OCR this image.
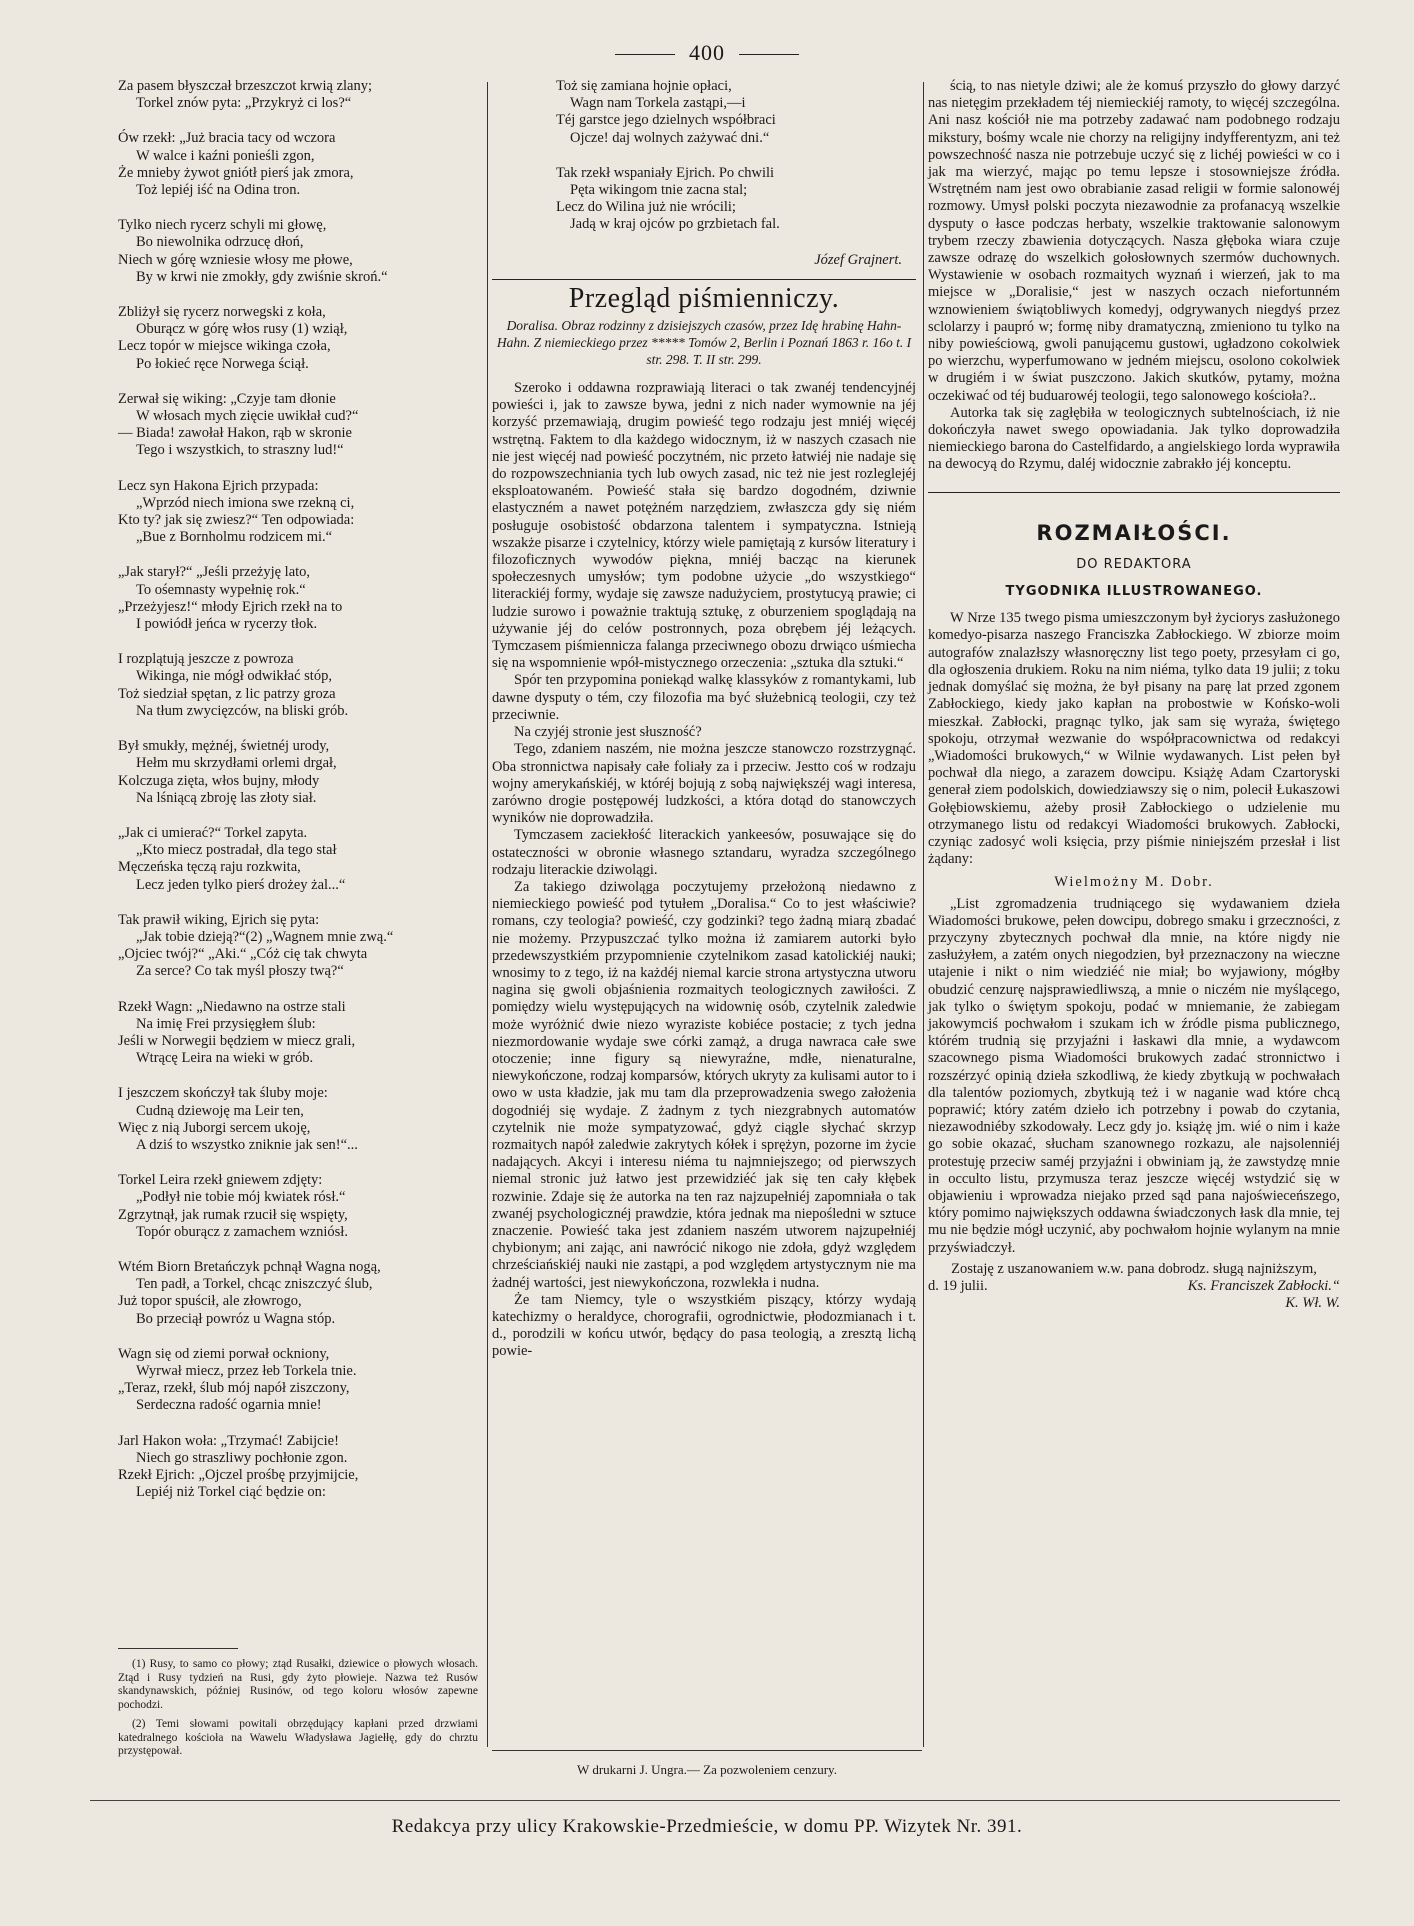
400
Za pasem błyszczał brzeszczot krwią zlany;
Torkel znów pyta: „Przykryż ci los?“
Ów rzekł: „Już bracia tacy od wczora
W walce i kaźni ponieśli zgon,
Że mnieby żywot gniótł pierś jak zmora,
Toż lepiéj iść na Odina tron.
Tylko niech rycerz schyli mi głowę,
Bo niewolnika odrzucę dłoń,
Niech w górę wzniesie włosy me płowe,
By w krwi nie zmokły, gdy zwiśnie skroń.“
Zbliżył się rycerz norwegski z koła,
Oburącz w górę włos rusy (1) wziął,
Lecz topór w miejsce wikinga czoła,
Po łokieć ręce Norwega ściął.
Zerwał się wiking: „Czyje tam dłonie
W włosach mych zięcie uwikłał cud?“
— Biada! zawołał Hakon, rąb w skronie
Tego i wszystkich, to straszny lud!“
Lecz syn Hakona Ejrich przypada:
„Wprzód niech imiona swe rzekną ci,
Kto ty? jak się zwiesz?“ Ten odpowiada:
„Bue z Bornholmu rodzicem mi.“
„Jak starył?“ „Jeśli przeżyję lato,
To ośemnasty wypełnię rok.“
„Przeżyjesz!“ młody Ejrich rzekł na to
I powiódł jeńca w rycerzy tłok.
I rozplątują jeszcze z powroza
Wikinga, nie mógł odwikłać stóp,
Toż siedział spętan, z lic patrzy groza
Na tłum zwycięzców, na bliski grób.
Był smukły, mężnéj, świetnéj urody,
Hełm mu skrzydłami orlemi drgał,
Kolczuga zięta, włos bujny, młody
Na lśniącą zbroję las złoty siał.
„Jak ci umierać?“ Torkel zapyta.
„Kto miecz postradał, dla tego stał
Męczeńska tęczą raju rozkwita,
Lecz jeden tylko pierś drożey żal...“
Tak prawił wiking, Ejrich się pyta:
„Jak tobie dzieją?“(2) „Wagnem mnie zwą.“
„Ojciec twój?“ „Aki.“ „Cóż cię tak chwyta
Za serce? Co tak myśl płoszy twą?“
Rzekł Wagn: „Niedawno na ostrze stali
Na imię Frei przysięgłem ślub:
Jeśli w Norwegii będziem w miecz grali,
Wtrącę Leira na wieki w grób.
I jeszczem skończył tak śluby moje:
Cudną dziewoję ma Leir ten,
Więc z nią Juborgi sercem ukoję,
A dziś to wszystko zniknie jak sen!“...
Torkel Leira rzekł gniewem zdjęty:
„Podłył nie tobie mój kwiatek rósł.“
Zgrzytnął, jak rumak rzucił się wspięty,
Topór oburącz z zamachem wzniósł.
Wtém Biorn Bretańczyk pchnął Wagna nogą,
Ten padł, a Torkel, chcąc zniszczyć ślub,
Już topor spuścił, ale złowrogo,
Bo przeciął powróz u Wagna stóp.
Wagn się od ziemi porwał ockniony,
Wyrwał miecz, przez łeb Torkela tnie.
„Teraz, rzekł, ślub mój napół ziszczony,
Serdeczna radość ogarnia mnie!
Jarl Hakon woła: „Trzymać! Zabijcie!
Niech go straszliwy pochłonie zgon.
Rzekł Ejrich: „Ojczel prośbę przyjmijcie,
Lepiéj niż Torkel ciąć będzie on:

(1) Rusy, to samo co płowy; ztąd Rusałki, dziewice o płowych włosach. Ztąd i Rusy tydzień na Rusi, gdy żyto płowieje. Nazwa też Rusów skandynawskich, później Rusinów, od tego koloru włosów zapewne pochodzi.

(2) Temi słowami powitali obrzędujący kapłani przed drzwiami katedralnego kościoła na Wawelu Władysława Jagiełłę, gdy do chrztu przystępował.

Toż się zamiana hojnie opłaci,
Wagn nam Torkela zastąpi,—i
Téj garstce jego dzielnych współbraci
Ojcze! daj wolnych zażywać dni.“
Tak rzekł wspaniały Ejrich. Po chwili
Pęta wikingom tnie zacna stal;
Lecz do Wilina już nie wrócili;
Jadą w kraj ojców po grzbietach fal.
Józef Grajnert.
Przegląd piśmienniczy.
Doralisa. Obraz rodzinny z dzisiejszych czasów, przez Idę hrabinę Hahn-Hahn. Z niemieckiego przez ***** Tomów 2, Berlin i Poznań 1863 r. 16o t. I str. 298. T. II str. 299.

Szeroko i oddawna rozprawiają literaci o tak zwanéj tendencyjnéj powieści i, jak to zawsze bywa, jedni z nich nader wymownie na jéj korzyść przemawiają, drugim powieść tego rodzaju jest mniéj więcéj wstrętną. Faktem to dla każdego widocznym, iż w naszych czasach nie nie jest więcéj nad powieść poczytném, nic przeto łatwiéj nie nadaje się do rozpowszechniania tych lub owych zasad, nic też nie jest rozleglejéj eksploatowaném. Powieść stała się bardzo dogodném, dziwnie elastyczném a nawet potężném narzędziem, zwłaszcza gdy się niém posługuje osobistość obdarzona talentem i sympatyczna. Istnieją wszakże pisarze i czytelnicy, którzy wiele pamiętają z kursów literatury i filozoficznych wywodów piękna, mniéj bacząc na kierunek społeczesnych umysłów; tym podobne użycie „do wszystkiego“ literackiéj formy, wydaje się zawsze nadużyciem, prostytucyą prawie; ci ludzie surowo i poważnie traktują sztukę, z oburzeniem spoglądają na używanie jéj do celów postronnych, poza obrębem jéj leżących. Tymczasem piśmiennicza falanga przeciwnego obozu drwiąco uśmiecha się na wspomnienie wpół-mistycznego orzeczenia: „sztuka dla sztuki.“

Spór ten przypomina poniekąd walkę klassyków z romantykami, lub dawne dysputy o tém, czy filozofia ma być służebnicą teologii, czy też przeciwnie.

Na czyjéj stronie jest słuszność?

Tego, zdaniem naszém, nie można jeszcze stanowczo rozstrzygnąć. Oba stronnictwa napisały całe foliały za i przeciw. Jestto coś w rodzaju wojny amerykańskiéj, w któréj bojują z sobą największéj wagi interesa, zarówno drogie postępowéj ludzkości, a która dotąd do stanowczych wyników nie doprowadziła.

Tymczasem zaciekłość literackich yankeesów, posuwające się do ostateczności w obronie własnego sztandaru, wyradza szczególnego rodzaju literackie dziwolągi.

Za takiego dziwoląga poczytujemy przełożoną niedawno z niemieckiego powieść pod tytułem „Doralisa.“ Co to jest właściwie? romans, czy teologia? powieść, czy godzinki? tego żadną miarą zbadać nie możemy. Przypuszczać tylko można iż zamiarem autorki było przedewszystkiém przypomnienie czytelnikom zasad katolickiéj nauki; wnosimy to z tego, iż na każdéj niemal karcie strona artystyczna utworu nagina się gwoli objaśnienia rozmaitych teologicznych zawiłości. Z pomiędzy wielu występujących na widownię osób, czytelnik zaledwie może wyróżnić dwie niezo wyraziste kobiéce postacie; z tych jedna niezmordowanie wydaje swe córki zamąż, a druga nawraca całe swe otoczenie; inne figury są niewyraźne, mdłe, nienaturalne, niewykończone, rodzaj komparsów, których ukryty za kulisami autor to i owo w usta kładzie, jak mu tam dla przeprowadzenia swego założenia dogodniéj się wydaje. Z żadnym z tych niezgrabnych automatów czytelnik nie może sympatyzować, gdyż ciągle słychać skrzyp rozmaitych napół zaledwie zakrytych kółek i sprężyn, pozorne im życie nadających. Akcyi i interesu niéma tu najmniejszego; od pierwszych niemal stronic już łatwo jest przewidziéć jak się ten cały kłębek rozwinie. Zdaje się że autorka na ten raz najzupełniéj zapomniała o tak zwanéj psychologicznéj prawdzie, która jednak ma niepośledni w sztuce znaczenie. Powieść taka jest zdaniem naszém utworem najzupełniéj chybionym; ani zając, ani nawrócić nikogo nie zdoła, gdyż względem chrześciańskiéj nauki nie zastąpi, a pod względem artystycznym nie ma żadnéj wartości, jest niewykończona, rozwlekła i nudna.

Że tam Niemcy, tyle o wszystkiém piszący, którzy wydają katechizmy o heraldyce, chorografii, ogrodnictwie, płodozmianach i t. d., porodzili w końcu utwór, będący do pasa teologią, a zresztą lichą powie-

ścią, to nas nietyle dziwi; ale że komuś przyszło do głowy darzyć nas nietęgim przekładem téj niemieckiéj ramoty, to więcéj szczególna. Ani nasz kościół nie ma potrzeby zadawać nam podobnego rodzaju mikstury, bośmy wcale nie chorzy na religijny indyfferentyzm, ani też powszechność nasza nie potrzebuje uczyć się z lichéj powieści w co i jak ma wierzyć, mając po temu lepsze i stosowniejsze źródła. Wstrętném nam jest owo obrabianie zasad religii w formie salonowéj rozmowy. Umysł polski poczyta niezawodnie za profanacyą wszelkie dysputy o łasce podczas herbaty, wszelkie traktowanie salonowym trybem rzeczy zbawienia dotyczących. Nasza głęboka wiara czuje zawsze odrazę do wszelkich gołosłownych szermów duchownych. Wystawienie w osobach rozmaitych wyznań i wierzeń, jak to ma miejsce w „Doralisie,“ jest w naszych oczach niefortunném wznowieniem świątobliwych komedyj, odgrywanych niegdyś przez sclolarzy i paupró w; formę niby dramatyczną, zmieniono tu tylko na niby powieściową, gwoli panującemu gustowi, ugładzono cokolwiek po wierzchu, wyperfumowano w jedném miejscu, osolono cokolwiek w drugiém i w świat puszczono. Jakich skutków, pytamy, można oczekiwać od téj buduarowéj teologii, tego salonowego kościoła?..

Autorka tak się zagłębiła w teologicznych subtelnościach, iż nie dokończyła nawet swego opowiadania. Jak tylko doprowadziła niemieckiego barona do Castelfidardo, a angielskiego lorda wyprawiła na dewocyą do Rzymu, daléj widocznie zabrakło jéj konceptu.

ROZMAIŁOŚCI.
DO REDAKTORA
TYGODNIKA ILLUSTROWANEGO.

W Nrze 135 twego pisma umieszczonym był życiorys zasłużonego komedyo-pisarza naszego Franciszka Zabłockiego. W zbiorze moim autografów znalazłszy własnoręczny list tego poety, przesyłam ci go, dla ogłoszenia drukiem. Roku na nim niéma, tylko data 19 julii; z toku jednak domyślać się można, że był pisany na parę lat przed zgonem Zabłockiego, kiedy jako kapłan na probostwie w Końsko-woli mieszkał. Zabłocki, pragnąc tylko, jak sam się wyraża, świętego spokoju, otrzymał wezwanie do współpracownictwa od redakcyi „Wiadomości brukowych,“ w Wilnie wydawanych. List pełen był pochwał dla niego, a zarazem dowcipu. Książę Adam Czartoryski generał ziem podolskich, dowiedziawszy się o nim, polecił Łukaszowi Gołębiowskiemu, ażeby prosił Zabłockiego o udzielenie mu otrzymanego listu od redakcyi Wiadomości brukowych. Zabłocki, czyniąc zadosyć woli księcia, przy piśmie niniejszém przesłał i list żądany:

Wielmożny M. Dobr.

„List zgromadzenia trudniącego się wydawaniem dzieła Wiadomości brukowe, pełen dowcipu, dobrego smaku i grzeczności, z przyczyny zbytecznych pochwał dla mnie, na które nigdy nie zasłużyłem, a zatém onych niegodzien, był przeznaczony na wieczne utajenie i nikt o nim wiedziéć nie miał; bo wyjawiony, mógłby obudzić cenzurę najsprawiedliwszą, a mnie o niczém nie myślącego, jak tylko o świętym spokoju, podać w mniemanie, że zabiegam jakowymciś pochwałom i szukam ich w źródle pisma publicznego, którém trudnią się przyjaźni i łaskawi dla mnie, a wydawcom szacownego pisma Wiadomości brukowych zadać stronnictwo i rozszérzyć opinią dzieła szkodliwą, że kiedy zbytkują w pochwałach dla talentów poziomych, zbytkują też i w naganie wad które chcą poprawić; który zatém dzieło ich potrzebny i powab do czytania, niezawodniéby szkodowały. Lecz gdy jo. książę jm. wié o nim i każe go sobie okazać, słucham szanownego rozkazu, ale najsolenniéj protestuję przeciw saméj przyjaźni i obwiniam ją, że zawstydzę mnie in occulto listu, przymusza teraz jeszcze więcéj wstydzić się w objawieniu i wprowadza niejako przed sąd pana najoświeceńszego, który pomimo największych oddawna świadczonych łask dla mnie, tej mu nie będzie mógł uczynić, aby pochwałom hojnie wylanym na mnie przyświadczył.

Zostaję z uszanowaniem w.w. pana dobrodz. sługą najniższym,
d. 19 julii.	Ks. Franciszek Zabłocki.“
K. Wł. W.
W drukarni J. Ungra.— Za pozwoleniem cenzury.
Redakcya przy ulicy Krakowskie-Przedmieście, w domu PP. Wizytek Nr. 391.
